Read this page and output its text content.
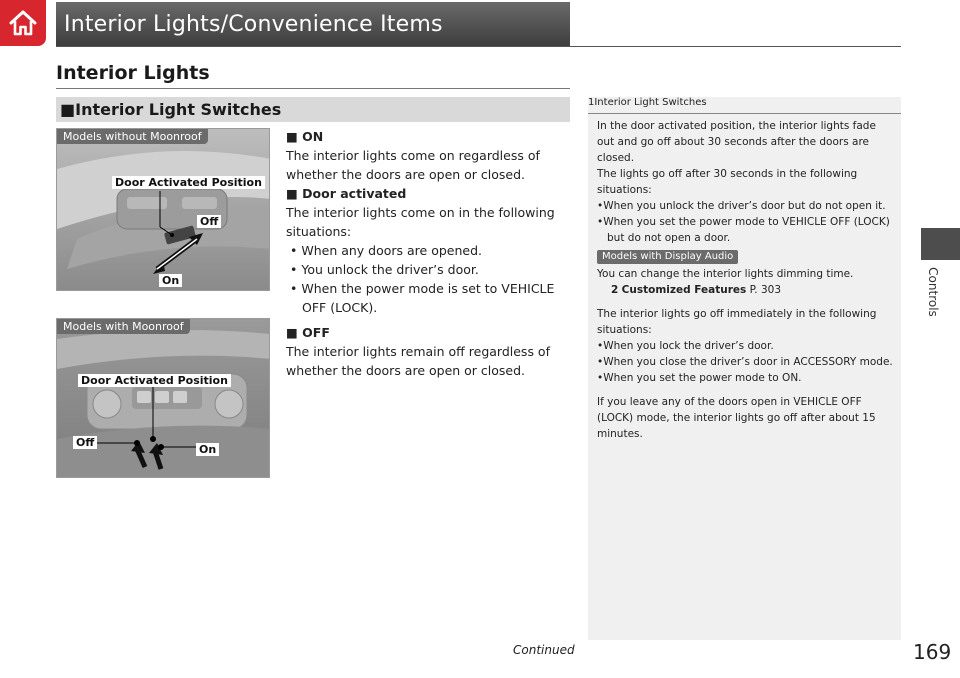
Interior Lights/Convenience Items
Controls
Interior Lights
■Interior Light Switches
Models without Moonroof
Door Activated Position
Off
On
Models with Moonroof
Door Activated Position
Off
On
■ ON
The interior lights come on regardless of whether the doors are open or closed.
■ Door activated
The interior lights come on in the following situations:
• When any doors are opened.
• You unlock the driver’s door.
• When the power mode is set to VEHICLE OFF (LOCK).
■ OFF
The interior lights remain off regardless of whether the doors are open or closed.
1Interior Light Switches
In the door activated position, the interior lights fade out and go off about 30 seconds after the doors are closed.
The lights go off after 30 seconds in the following situations:
•When you unlock the driver’s door but do not open it.
•When you set the power mode to VEHICLE OFF (LOCK) but do not open a door.
Models with Display Audio
You can change the interior lights dimming time.
2 Customized Features P. 303
The interior lights go off immediately in the following situations:
•When you lock the driver’s door.
•When you close the driver’s door in ACCESSORY mode.
•When you set the power mode to ON.
If you leave any of the doors open in VEHICLE OFF (LOCK) mode, the interior lights go off after about 15 minutes.
Continued	169
